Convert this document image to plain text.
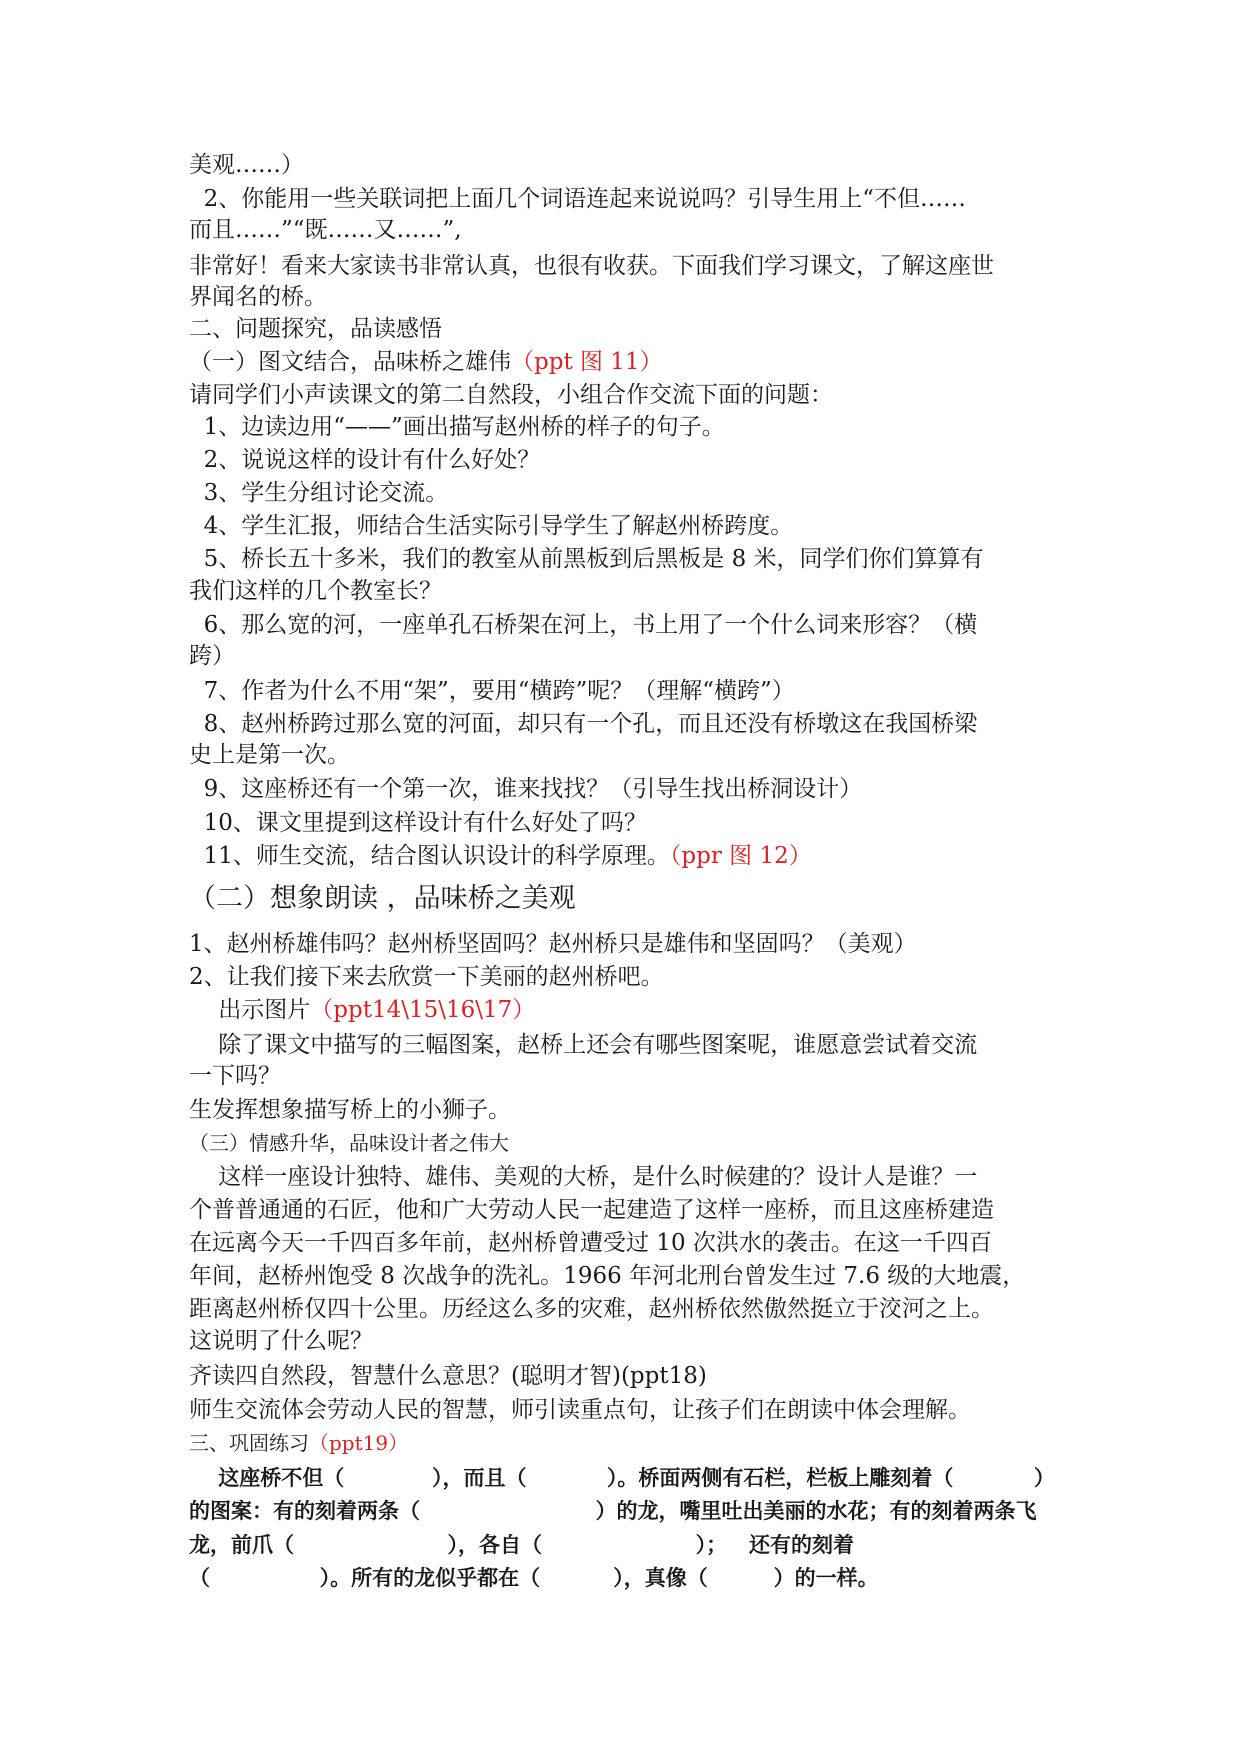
美观……）
2、你能用一些关联词把上面几个词语连起来说说吗？引导生用上“不但……
而且……”“既……又……”,
非常好！看来大家读书非常认真，也很有收获。下面我们学习课文，了解这座世
界闻名的桥。
二、问题探究，品读感悟
（一）图文结合，品味桥之雄伟（ppt 图 11）
请同学们小声读课文的第二自然段，小组合作交流下面的问题：
1、边读边用“——”画出描写赵州桥的样子的句子。
2、说说这样的设计有什么好处？
3、学生分组讨论交流。
4、学生汇报，师结合生活实际引导学生了解赵州桥跨度。
5、桥长五十多米，我们的教室从前黑板到后黑板是 8 米，同学们你们算算有
我们这样的几个教室长？
6、那么宽的河，一座单孔石桥架在河上，书上用了一个什么词来形容？（横
跨）
7、作者为什么不用“架”，要用“横跨”呢？（理解“横跨”）
8、赵州桥跨过那么宽的河面，却只有一个孔，而且还没有桥墩这在我国桥梁
史上是第一次。
9、这座桥还有一个第一次，谁来找找？（引导生找出桥洞设计）
10、课文里提到这样设计有什么好处了吗？
11、师生交流，结合图认识设计的科学原理。（ppr 图 12）
（二）想象朗读 ，品味桥之美观
1、赵州桥雄伟吗？赵州桥坚固吗？赵州桥只是雄伟和坚固吗？（美观）
2、让我们接下来去欣赏一下美丽的赵州桥吧。
出示图片（ppt14\15\16\17）
除了课文中描写的三幅图案，赵桥上还会有哪些图案呢，谁愿意尝试着交流
一下吗？
生发挥想象描写桥上的小狮子。
（三）情感升华，品味设计者之伟大
这样一座设计独特、雄伟、美观的大桥，是什么时候建的？设计人是谁？一
个普普通通的石匠，他和广大劳动人民一起建造了这样一座桥，而且这座桥建造
在远离今天一千四百多年前，赵州桥曾遭受过 10 次洪水的袭击。在这一千四百
年间，赵桥州饱受 8 次战争的洗礼。1966 年河北刑台曾发生过 7.6 级的大地震，
距离赵州桥仅四十公里。历经这么多的灾难，赵州桥依然傲然挺立于洨河之上。
这说明了什么呢？
齐读四自然段，智慧什么意思？(聪明才智)(ppt18)
师生交流体会劳动人民的智慧，师引读重点句，让孩子们在朗读中体会理解。
三、巩固练习（ppt19）
这座桥不但（            ），而且（           ）。桥面两侧有石栏，栏板上雕刻着（           ）
的图案：有的刻着两条（                        ）的龙，嘴里吐出美丽的水花；有的刻着两条飞
龙，前爪（                     ），各自（                     ）；   还有的刻着
（               ）。所有的龙似乎都在（          ），真像（         ）的一样。
